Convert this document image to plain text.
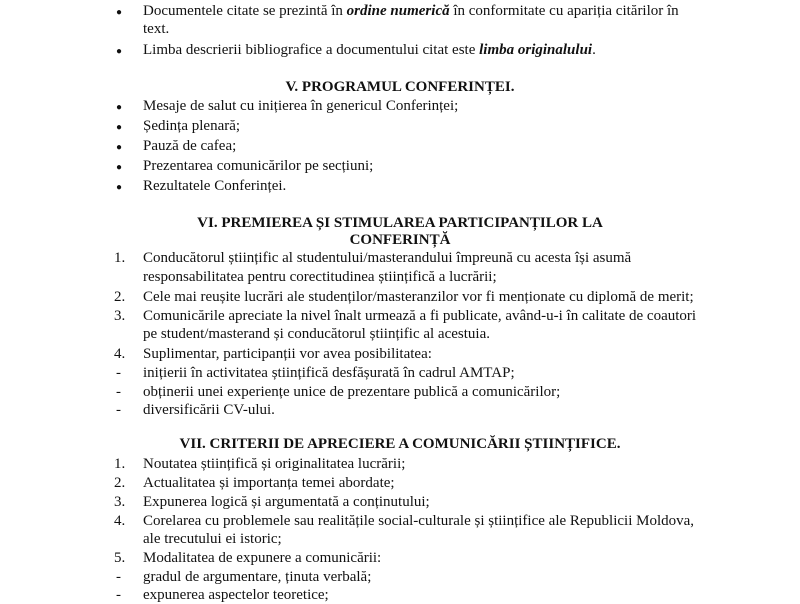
● Documentele citate se prezintă în ordine numerică în conformitate cu apariția citărilor în
text.
● Limba descrierii bibliografice a documentului citat este limba originalului.
V. PROGRAMUL CONFERINȚEI.
● Mesaje de salut cu inițierea în genericul Conferinței;
● Ședința plenară;
● Pauză de cafea;
● Prezentarea comunicărilor pe secțiuni;
● Rezultatele Conferinței.
VI. PREMIEREA ȘI STIMULAREA PARTICIPANȚILOR LA
CONFERINȚĂ
1. Conducătorul științific al studentului/masterandului împreună cu acesta își asumă
responsabilitatea pentru corectitudinea științifică a lucrării;
2. Cele mai reușite lucrări ale studenților/masteranzilor vor fi menționate cu diplomă de merit;
3. Comunicările apreciate la nivel înalt urmează a fi publicate, având-u-i în calitate de coautori
pe student/masterand și conducătorul științific al acestuia.
4. Suplimentar, participanții vor avea posibilitatea:
- inițierii în activitatea științifică desfășurată în cadrul AMTAP;
- obținerii unei experiențe unice de prezentare publică a comunicărilor;
- diversificării CV-ului.
VII. CRITERII DE APRECIERE A COMUNICĂRII ȘTIINȚIFICE.
1. Noutatea științifică și originalitatea lucrării;
2. Actualitatea și importanța temei abordate;
3. Expunerea logică și argumentată a conținutului;
4. Corelarea cu problemele sau realitățile social-culturale și științifice ale Republicii Moldova,
ale trecutului ei istoric;
5. Modalitatea de expunere a comunicării:
- gradul de argumentare, ținuta verbală;
- expunerea aspectelor teoretice;
